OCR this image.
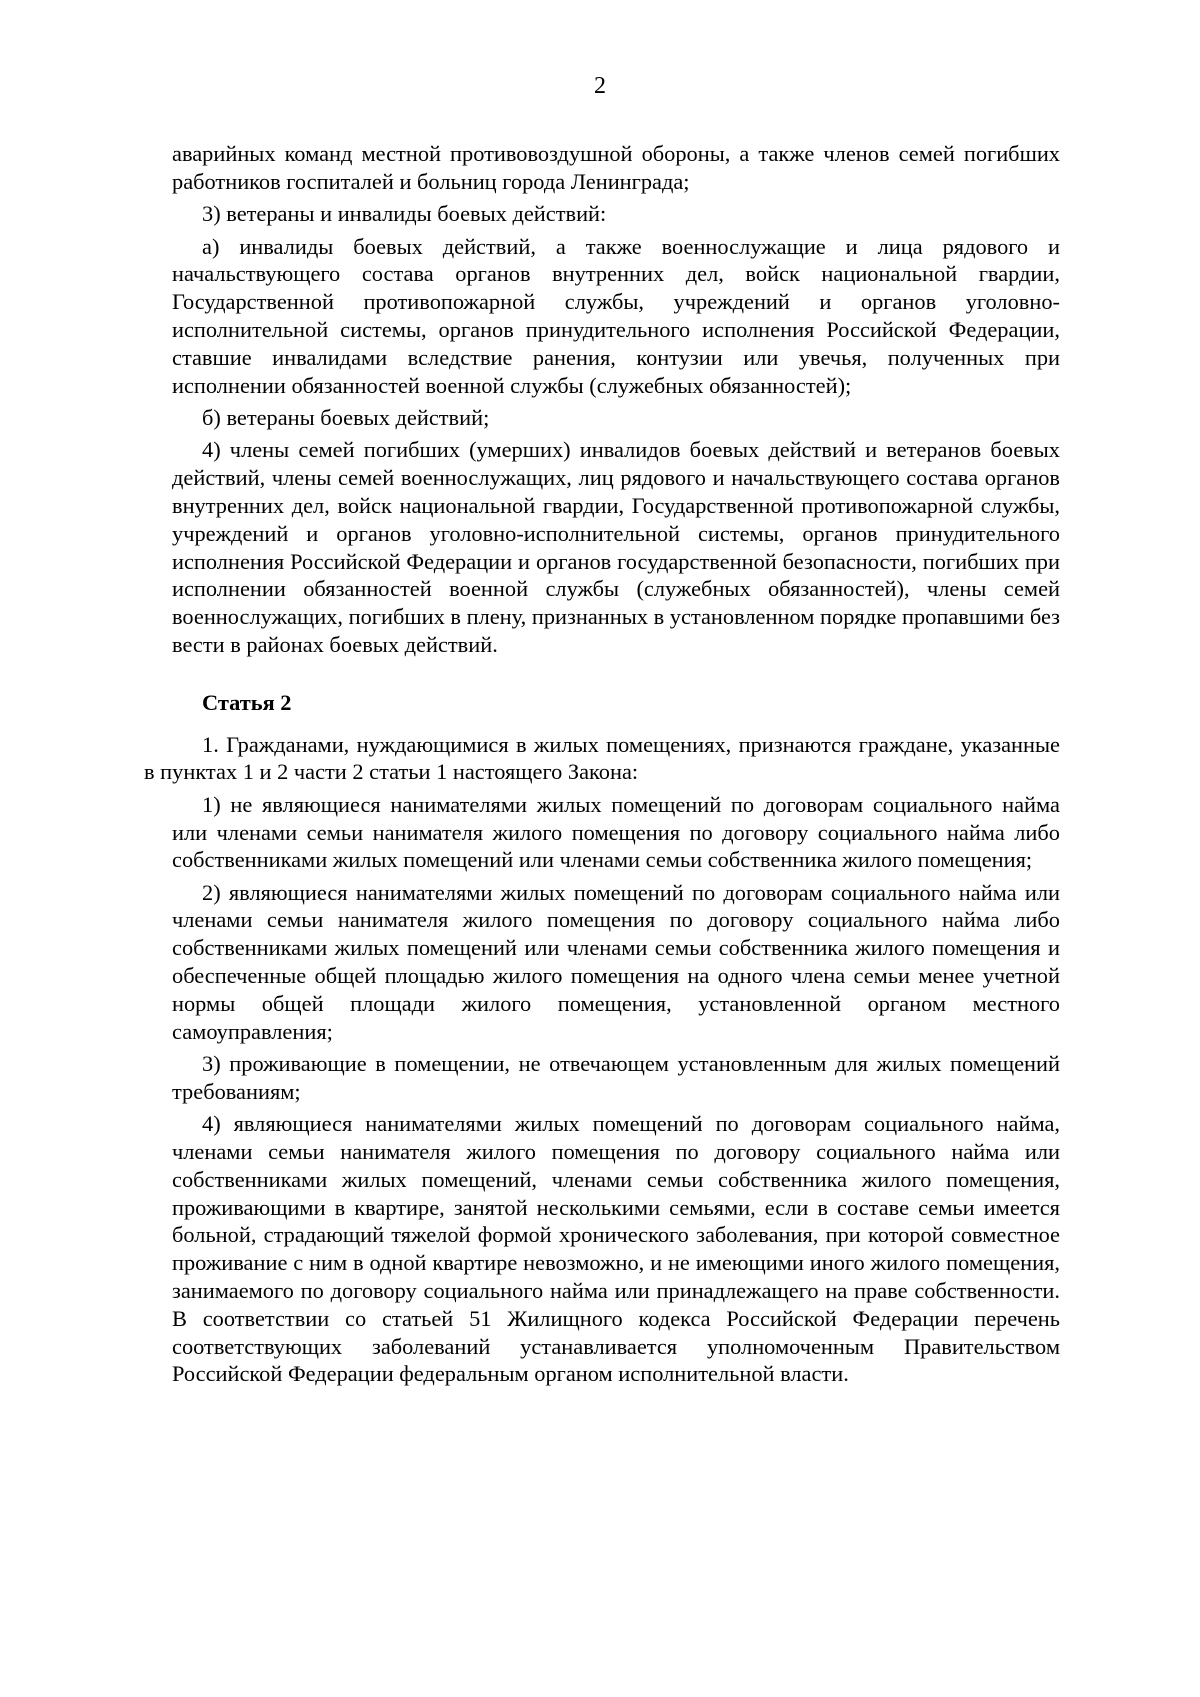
2

аварийных команд местной противовоздушной обороны, а также членов семей погибших работников госпиталей и больниц города Ленинграда;

3) ветераны и инвалиды боевых действий:

а) инвалиды боевых действий, а также военнослужащие и лица рядового и начальствующего состава органов внутренних дел, войск национальной гвардии, Государственной противопожарной службы, учреждений и органов уголовно-исполнительной системы, органов принудительного исполнения Российской Федерации, ставшие инвалидами вследствие ранения, контузии или увечья, полученных при исполнении обязанностей военной службы (служебных обязанностей);

б) ветераны боевых действий;

4) члены семей погибших (умерших) инвалидов боевых действий и ветеранов боевых действий, члены семей военнослужащих, лиц рядового и начальствующего состава органов внутренних дел, войск национальной гвардии, Государственной противопожарной службы, учреждений и органов уголовно-исполнительной системы, органов принудительного исполнения Российской Федерации и органов государственной безопасности, погибших при исполнении обязанностей военной службы (служебных обязанностей), члены семей военнослужащих, погибших в плену, признанных в установленном порядке пропавшими без вести в районах боевых действий.

Статья 2

1. Гражданами, нуждающимися в жилых помещениях, признаются граждане, указанные в пунктах 1 и 2 части 2 статьи 1 настоящего Закона:

1) не являющиеся нанимателями жилых помещений по договорам социального найма или членами семьи нанимателя жилого помещения по договору социального найма либо собственниками жилых помещений или членами семьи собственника жилого помещения;

2) являющиеся нанимателями жилых помещений по договорам социального найма или членами семьи нанимателя жилого помещения по договору социального найма либо собственниками жилых помещений или членами семьи собственника жилого помещения и обеспеченные общей площадью жилого помещения на одного члена семьи менее учетной нормы общей площади жилого помещения, установленной органом местного самоуправления;

3) проживающие в помещении, не отвечающем установленным для жилых помещений требованиям;

4) являющиеся нанимателями жилых помещений по договорам социального найма, членами семьи нанимателя жилого помещения по договору социального найма или собственниками жилых помещений, членами семьи собственника жилого помещения, проживающими в квартире, занятой несколькими семьями, если в составе семьи имеется больной, страдающий тяжелой формой хронического заболевания, при которой совместное проживание с ним в одной квартире невозможно, и не имеющими иного жилого помещения, занимаемого по договору социального найма или принадлежащего на праве собственности. В соответствии со статьей 51 Жилищного кодекса Российской Федерации перечень соответствующих заболеваний устанавливается уполномоченным Правительством Российской Федерации федеральным органом исполнительной власти.
